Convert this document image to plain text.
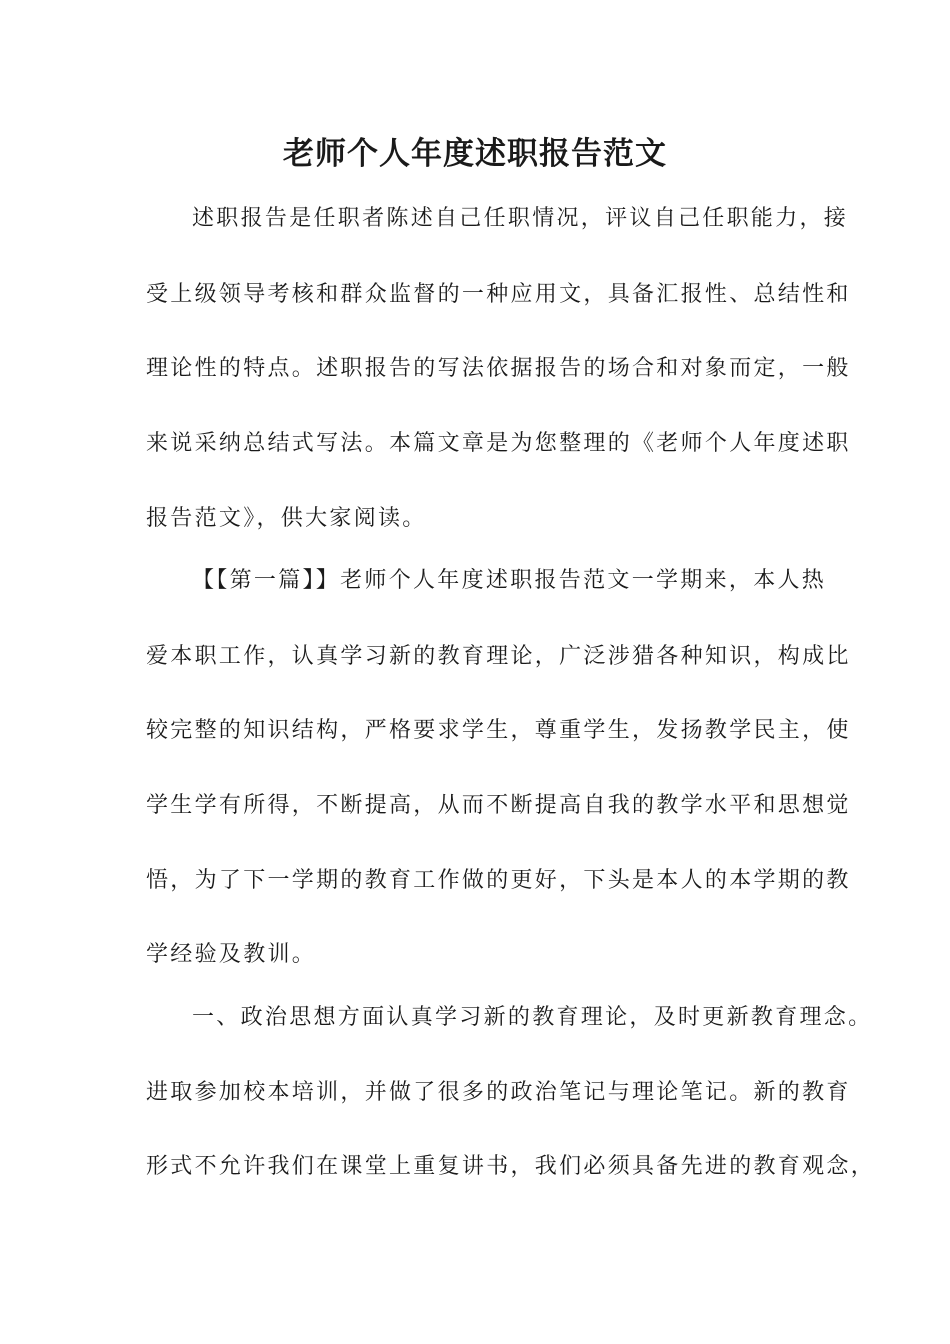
老师个人年度述职报告范文
述职报告是任职者陈述自己任职情况，评议自己任职能力，接
受上级领导考核和群众监督的一种应用文，具备汇报性、总结性和
理论性的特点。述职报告的写法依据报告的场合和对象而定，一般
来说采纳总结式写法。本篇文章是为您整理的《老师个人年度述职
报告范文》，供大家阅读。
【【第一篇】】老师个人年度述职报告范文一学期来，本人热
爱本职工作，认真学习新的教育理论，广泛涉猎各种知识，构成比
较完整的知识结构，严格要求学生，尊重学生，发扬教学民主，使
学生学有所得，不断提高，从而不断提高自我的教学水平和思想觉
悟，为了下一学期的教育工作做的更好，下头是本人的本学期的教
学经验及教训。
一、政治思想方面认真学习新的教育理论，及时更新教育理念。
进取参加校本培训，并做了很多的政治笔记与理论笔记。新的教育
形式不允许我们在课堂上重复讲书，我们必须具备先进的教育观念，
